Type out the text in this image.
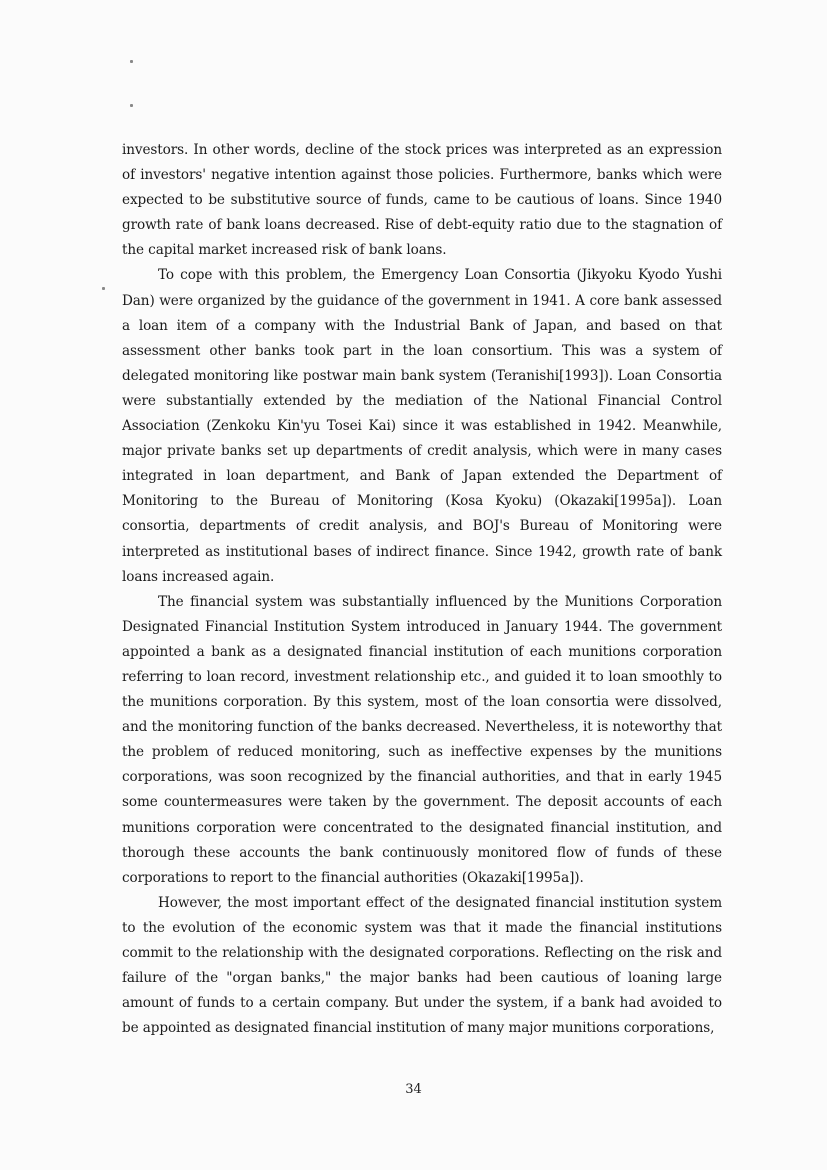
investors. In other words, decline of the stock prices was interpreted as an expression of investors' negative intention against those policies. Furthermore, banks which were expected to be substitutive source of funds, came to be cautious of loans. Since 1940 growth rate of bank loans decreased. Rise of debt-equity ratio due to the stagnation of the capital market increased risk of bank loans.

To cope with this problem, the Emergency Loan Consortia (Jikyoku Kyodo Yushi Dan) were organized by the guidance of the government in 1941. A core bank assessed a loan item of a company with the Industrial Bank of Japan, and based on that assessment other banks took part in the loan consortium. This was a system of delegated monitoring like postwar main bank system (Teranishi[1993]). Loan Consortia were substantially extended by the mediation of the National Financial Control Association (Zenkoku Kin'yu Tosei Kai) since it was established in 1942. Meanwhile, major private banks set up departments of credit analysis, which were in many cases integrated in loan department, and Bank of Japan extended the Department of Monitoring to the Bureau of Monitoring (Kosa Kyoku) (Okazaki[1995a]). Loan consortia, departments of credit analysis, and BOJ's Bureau of Monitoring were interpreted as institutional bases of indirect finance. Since 1942, growth rate of bank loans increased again.

The financial system was substantially influenced by the Munitions Corporation Designated Financial Institution System introduced in January 1944. The government appointed a bank as a designated financial institution of each munitions corporation referring to loan record, investment relationship etc., and guided it to loan smoothly to the munitions corporation. By this system, most of the loan consortia were dissolved, and the monitoring function of the banks decreased. Nevertheless, it is noteworthy that the problem of reduced monitoring, such as ineffective expenses by the munitions corporations, was soon recognized by the financial authorities, and that in early 1945 some countermeasures were taken by the government. The deposit accounts of each munitions corporation were concentrated to the designated financial institution, and thorough these accounts the bank continuously monitored flow of funds of these corporations to report to the financial authorities (Okazaki[1995a]).

However, the most important effect of the designated financial institution system to the evolution of the economic system was that it made the financial institutions commit to the relationship with the designated corporations. Reflecting on the risk and failure of the "organ banks," the major banks had been cautious of loaning large amount of funds to a certain company. But under the system, if a bank had avoided to be appointed as designated financial institution of many major munitions corporations,

34
